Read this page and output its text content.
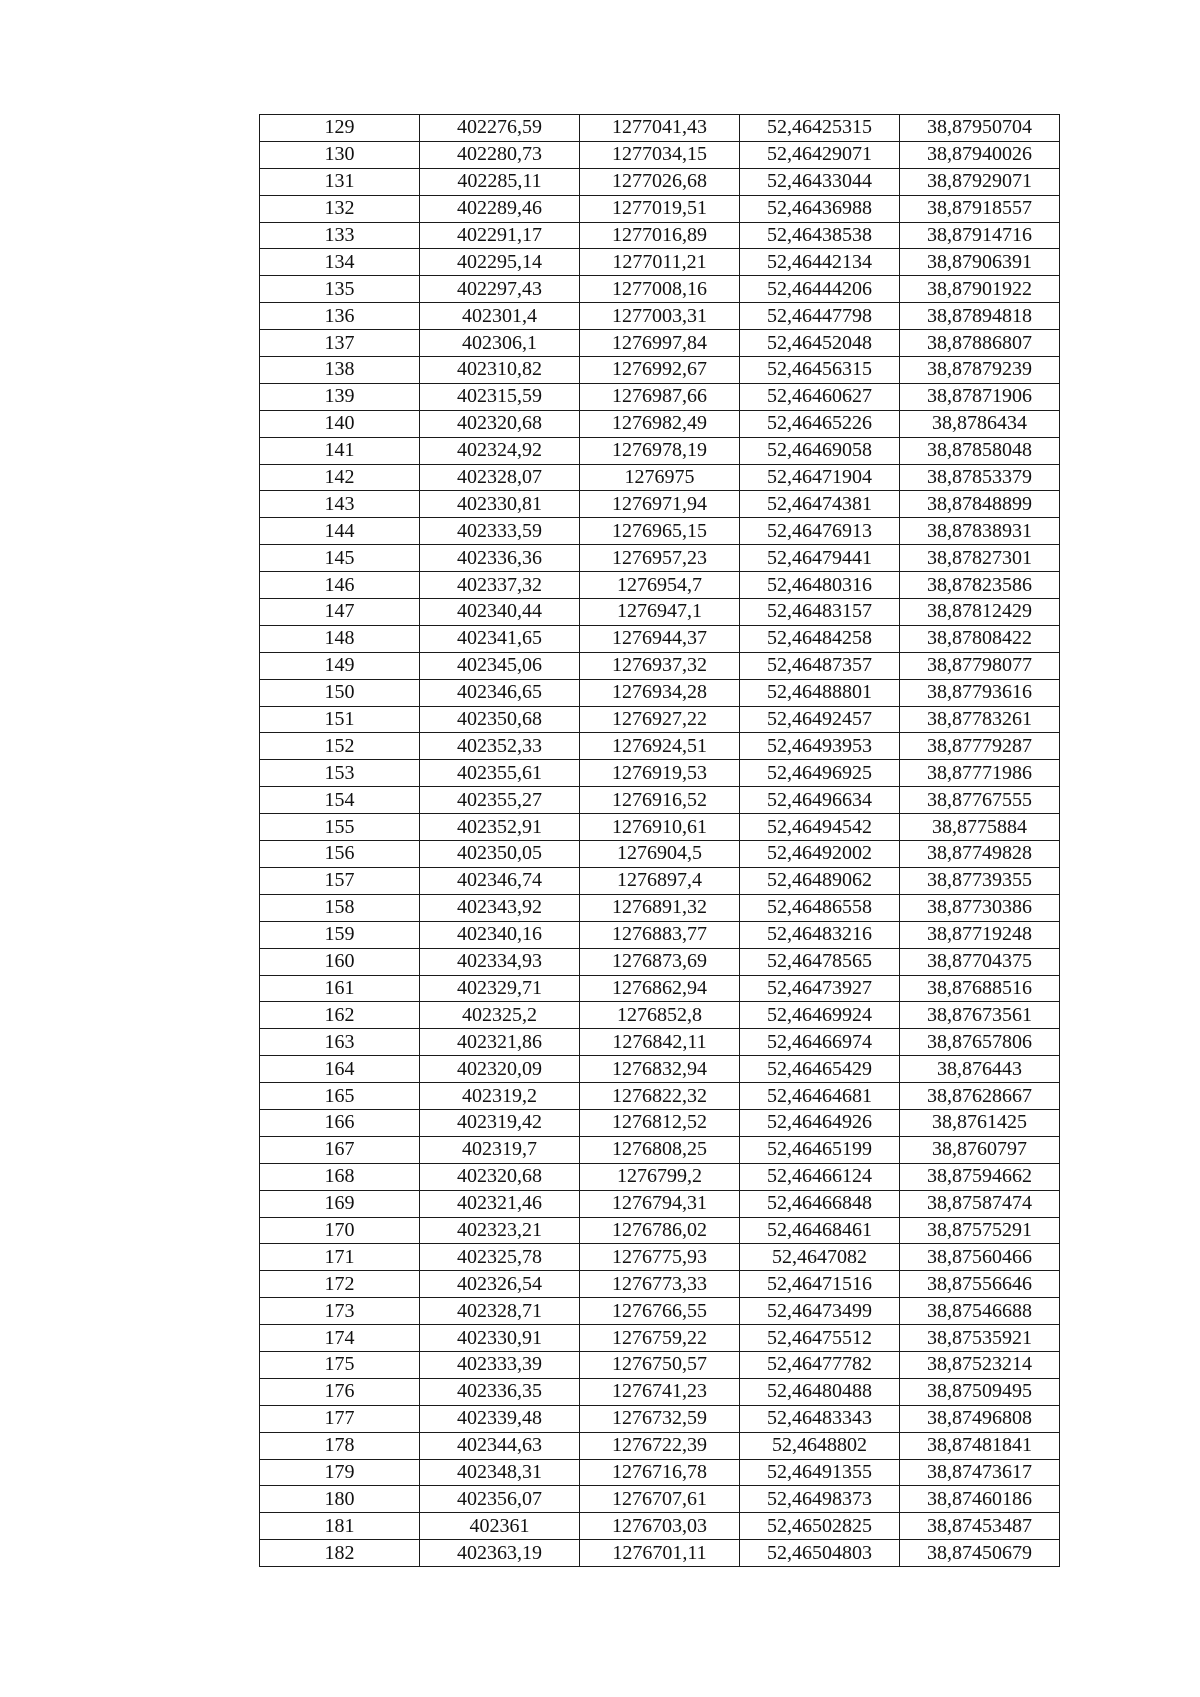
129	402276,59	1277041,43	52,46425315	38,87950704
130	402280,73	1277034,15	52,46429071	38,87940026
131	402285,11	1277026,68	52,46433044	38,87929071
132	402289,46	1277019,51	52,46436988	38,87918557
133	402291,17	1277016,89	52,46438538	38,87914716
134	402295,14	1277011,21	52,46442134	38,87906391
135	402297,43	1277008,16	52,46444206	38,87901922
136	402301,4	1277003,31	52,46447798	38,87894818
137	402306,1	1276997,84	52,46452048	38,87886807
138	402310,82	1276992,67	52,46456315	38,87879239
139	402315,59	1276987,66	52,46460627	38,87871906
140	402320,68	1276982,49	52,46465226	38,8786434
141	402324,92	1276978,19	52,46469058	38,87858048
142	402328,07	1276975	52,46471904	38,87853379
143	402330,81	1276971,94	52,46474381	38,87848899
144	402333,59	1276965,15	52,46476913	38,87838931
145	402336,36	1276957,23	52,46479441	38,87827301
146	402337,32	1276954,7	52,46480316	38,87823586
147	402340,44	1276947,1	52,46483157	38,87812429
148	402341,65	1276944,37	52,46484258	38,87808422
149	402345,06	1276937,32	52,46487357	38,87798077
150	402346,65	1276934,28	52,46488801	38,87793616
151	402350,68	1276927,22	52,46492457	38,87783261
152	402352,33	1276924,51	52,46493953	38,87779287
153	402355,61	1276919,53	52,46496925	38,87771986
154	402355,27	1276916,52	52,46496634	38,87767555
155	402352,91	1276910,61	52,46494542	38,8775884
156	402350,05	1276904,5	52,46492002	38,87749828
157	402346,74	1276897,4	52,46489062	38,87739355
158	402343,92	1276891,32	52,46486558	38,87730386
159	402340,16	1276883,77	52,46483216	38,87719248
160	402334,93	1276873,69	52,46478565	38,87704375
161	402329,71	1276862,94	52,46473927	38,87688516
162	402325,2	1276852,8	52,46469924	38,87673561
163	402321,86	1276842,11	52,46466974	38,87657806
164	402320,09	1276832,94	52,46465429	38,876443
165	402319,2	1276822,32	52,46464681	38,87628667
166	402319,42	1276812,52	52,46464926	38,8761425
167	402319,7	1276808,25	52,46465199	38,8760797
168	402320,68	1276799,2	52,46466124	38,87594662
169	402321,46	1276794,31	52,46466848	38,87587474
170	402323,21	1276786,02	52,46468461	38,87575291
171	402325,78	1276775,93	52,4647082	38,87560466
172	402326,54	1276773,33	52,46471516	38,87556646
173	402328,71	1276766,55	52,46473499	38,87546688
174	402330,91	1276759,22	52,46475512	38,87535921
175	402333,39	1276750,57	52,46477782	38,87523214
176	402336,35	1276741,23	52,46480488	38,87509495
177	402339,48	1276732,59	52,46483343	38,87496808
178	402344,63	1276722,39	52,4648802	38,87481841
179	402348,31	1276716,78	52,46491355	38,87473617
180	402356,07	1276707,61	52,46498373	38,87460186
181	402361	1276703,03	52,46502825	38,87453487
182	402363,19	1276701,11	52,46504803	38,87450679
